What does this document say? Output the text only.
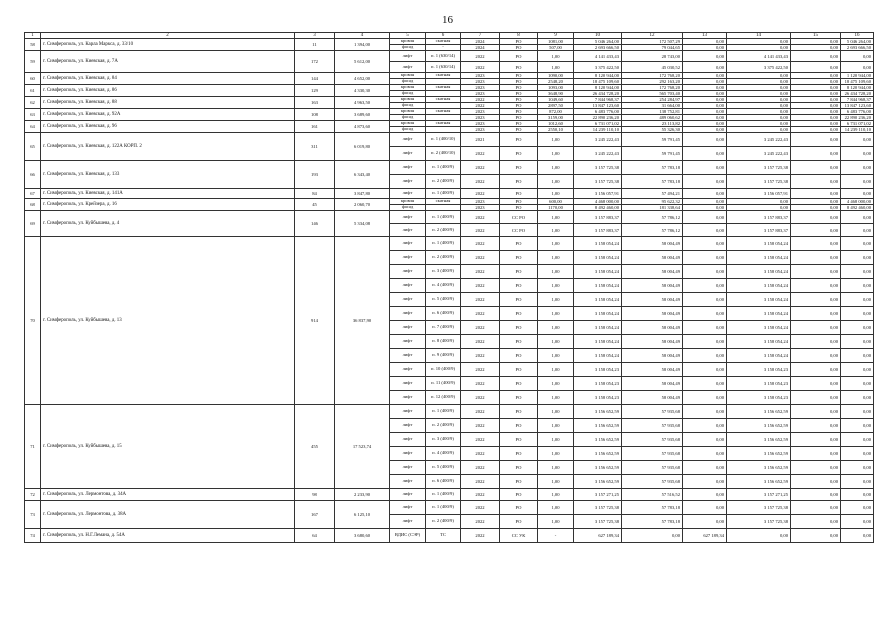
16
1	2	3	4	5	6	7	8	9	10	12	13	14	15	16
58	г. Симферополь, ул. Карла Маркса, д. 33/10	11	1 394,00	кровля	скатная	2024	РО	1081,00	5 046 264,00	172 507,29	0,00	0,00	0,00	5 046 264,00
				фасад	-	2024	РО	507,00	2 693 666,50	79 044,65	0,00	0,00	0,00	2 693 666,50
59	г. Симферополь, ул. Киевская, д. 7А	172	5 612,00	лифт	п. 1 (630/14)	2022	РО	1,00	4 141 433,43	28 743,00	0,00	4 141 433,43	0,00	0,00
				лифт	п. 1 (630/14)	2022	РО	1,00	3 375 422,50	45 030,52	0,00	3 375 422,50	0,00	0,00
60	г. Симферополь, ул. Киевская, д. 84	144	4 652,00	кровля	скатная	2023	РО	1090,00	8 120 944,00	172 768,20	0,00	0,00	0,00	1 120 944,00
				фасад		2023	РО	2548,20	18 475 109,60	292 163,20	0,00	0,00	0,00	18 475 109,60
61	г. Симферополь, ул. Киевская, д. 86	129	4 330,30	кровля	скатная	2023	РО	1093,00	8 120 944,00	172 768,20	0,00	0,00	0,00	8 120 944,00
				фасад		2023	РО	3648,90	26 434 728,20	565 703,40	0,00	0,00	0,00	26 434 728,20
62	г. Симферополь, ул. Киевская, д. 88	163	4 963,50	кровля	скатная	2022	РО	1049,60	7 844 968,37	254 284,97	0,00	0,00	0,00	7 844 968,37
				фасад		2022	РО	2897,50	13 847 123,60	31 664,00	0,00	0,00	0,00	13 847 123,60
63	г. Симферополь, ул. Киевская, д. 92А	108	3 689,60	кровля	скатная	2023	РО	872,00	6 483 776,00	138 752,81	0,00	0,00	0,00	6 483 776,00
				фасад		2023	РО	3159,00	22 890 236,20	489 060,62	0,00	0,00	0,00	22 890 236,20
64	г. Симферополь, ул. Киевская, д. 96	161	4 873,60	кровля	скатная	2023	РО	1012,60	6 731 071,02	23 113,82	0,00	0,00	0,00	6 731 071,02
				фасад		2023	РО	2550,10	14 239 110,10	55 326,30	0,00	0,00	0,00	14 239 110,10
65	г. Симферополь, ул. Киевская, д. 122А КОРП. 2	311	6 019,80	лифт	п. 1 (400/10)	2021	РО	1,00	3 245 222,43	59 791,45	0,00	3 245 222,43	0,00	0,00
				лифт	п. 2 (400/10)	2022	РО	1,00	3 245 222,43	59 791,45	0,00	3 245 222,43	0,00	0,00
66	г. Симферополь, ул. Киевская, д. 133	193	6 343,40	лифт	п. 1 (400/9)	2022	РО	1,00	3 157 725,38	57 783,18	0,00	3 157 725,38	0,00	0,00
				лифт	п. 2 (400/9)	2022	РО	1,00	3 157 725,38	57 783,18	0,00	3 157 725,38	0,00	0,00
67	г. Симферополь, ул. Киевская, д. 141А	84	3 847,80	лифт	п. 1 (400/9)	2022	РО	1,00	3 156 057,91	57 494,21	0,00	3 156 057,91	0,00	0,00
68	г. Симферополь, ул. Крейзера, д. 16	45	2 060,70	кровля	скатная	2023	РО	600,00	4 468 000,00	95 622,32	0,00	0,00	0,00	4 468 000,00
				фасад		2023	РО	1170,00	8 492 460,00	181 338,64	0,00	0,00	0,00	8 492 460,00
69	г. Симферополь, ул. Куйбышева, д. 4	146	5 334,08	лифт	п. 1 (400/9)	2022	СС РО	1,00	3 157 883,37	57 786,12	0,00	3 157 883,37	0,00	0,00
				лифт	п. 2 (400/9)	2022	СС РО	1,00	3 157 883,37	57 786,12	0,00	3 157 883,37	0,00	0,00
70	г. Симферополь, ул. Куйбышева, д. 13	914	36 837,90	лифт	п. 1 (400/9)	2022	РО	1,00	3 158 054,24	58 004,49	0,00	3 158 054,24	0,00	0,00
				лифт	п. 2 (400/9)	2022	РО	1,00	3 158 054,24	58 004,49	0,00	3 158 054,24	0,00	0,00
				лифт	п. 3 (400/9)	2022	РО	1,00	3 158 054,24	58 004,49	0,00	3 158 054,24	0,00	0,00
				лифт	п. 4 (400/9)	2022	РО	1,00	3 158 054,24	58 004,49	0,00	3 158 054,24	0,00	0,00
				лифт	п. 5 (400/9)	2022	РО	1,00	3 158 054,24	58 004,49	0,00	3 158 054,24	0,00	0,00
				лифт	п. 6 (400/9)	2022	РО	1,00	3 158 054,24	58 004,49	0,00	3 158 054,24	0,00	0,00
				лифт	п. 7 (400/9)	2022	РО	1,00	3 158 054,24	58 004,49	0,00	3 158 054,24	0,00	0,00
				лифт	п. 8 (400/9)	2022	РО	1,00	3 158 054,24	58 004,49	0,00	3 158 054,24	0,00	0,00
				лифт	п. 9 (400/9)	2022	РО	1,00	3 158 054,24	58 004,49	0,00	3 158 054,24	0,00	0,00
				лифт	п. 10 (400/9)	2022	РО	1,00	3 158 054,23	58 004,49	0,00	3 158 054,23	0,00	0,00
				лифт	п. 11 (400/9)	2022	РО	1,00	3 158 054,23	58 004,49	0,00	3 158 054,23	0,00	0,00
				лифт	п. 12 (400/9)	2022	РО	1,00	3 158 054,23	58 004,49	0,00	3 158 054,23	0,00	0,00
71	г. Симферополь, ул. Куйбышева, д. 15	455	17 523,74	лифт	п. 1 (400/9)	2022	РО	1,00	3 156 652,59	57 935,68	0,00	3 156 652,59	0,00	0,00
				лифт	п. 2 (400/9)	2022	РО	1,00	3 156 652,59	57 935,68	0,00	3 156 652,59	0,00	0,00
				лифт	п. 3 (400/9)	2022	РО	1,00	3 156 652,59	57 935,68	0,00	3 156 652,59	0,00	0,00
				лифт	п. 4 (400/9)	2022	РО	1,00	3 156 652,59	57 935,68	0,00	3 156 652,59	0,00	0,00
				лифт	п. 5 (400/9)	2022	РО	1,00	3 156 652,59	57 935,68	0,00	3 156 652,59	0,00	0,00
				лифт	п. 6 (400/9)	2022	РО	1,00	3 156 652,59	57 935,68	0,00	3 156 652,59	0,00	0,00
72	г. Симферополь, ул. Лермонтова, д. 34А	98	2 233,90	лифт	п. 1 (400/9)	2022	РО	1,00	3 157 271,25	57 516,52	0,00	3 157 271,25	0,00	0,00
73	г. Симферополь, ул. Лермонтова, д. 38А	167	6 125,10	лифт	п. 1 (400/9)	2022	РО	1,00	3 157 725,38	57 783,18	0,00	3 157 725,38	0,00	0,00
				лифт	п. 2 (400/9)	2022	РО	1,00	3 157 725,38	57 783,18	0,00	3 157 725,38	0,00	0,00
74	г. Симферополь, ул. Н.Г.Лемана, д. 54А	64	3 680,60	ВДИС (СЭР)	ТС	2022	СС УК	-	627 189,34	0,00	627 189,34	0,00	0,00	0,00
